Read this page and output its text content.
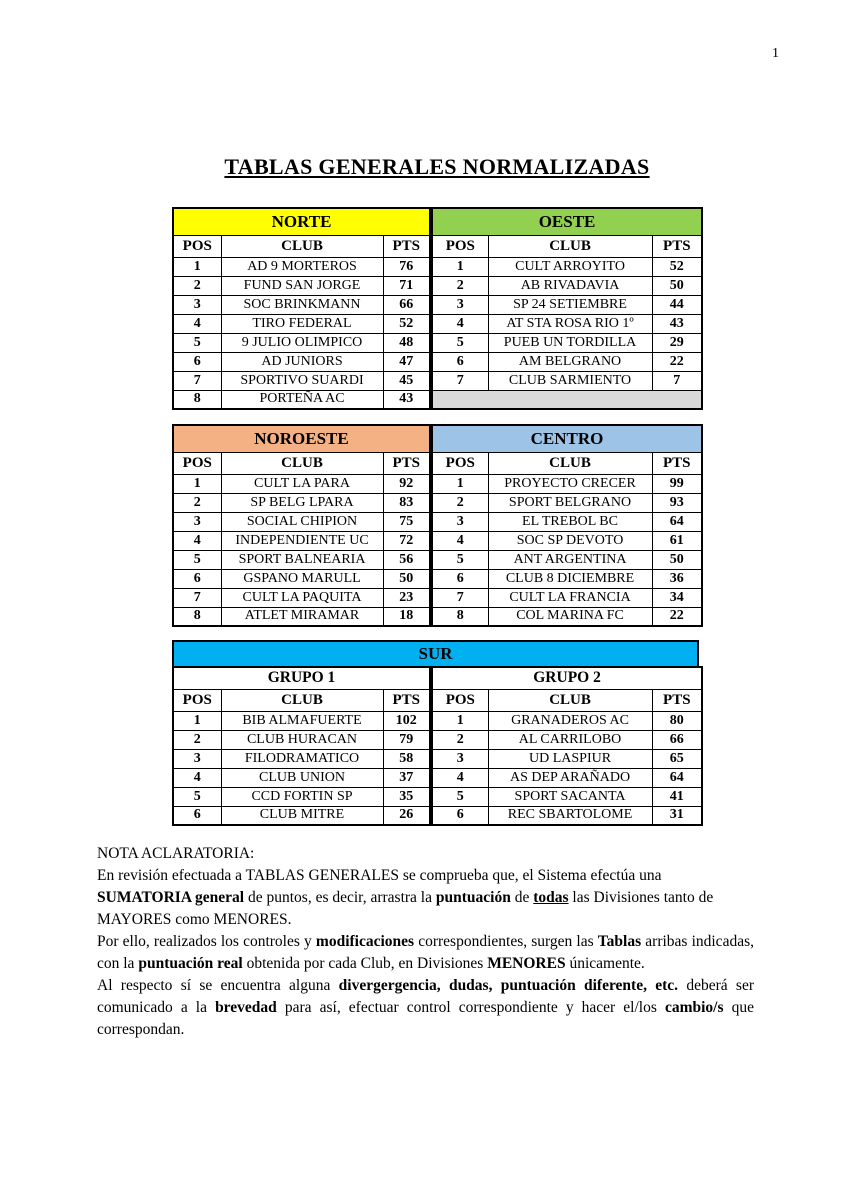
1
TABLAS GENERALES NORMALIZADAS
NORTE		
POS	CLUB	PTS
1	AD 9 MORTEROS	76
2	FUND SAN JORGE	71
3	SOC BRINKMANN	66
4	TIRO FEDERAL	52
5	9 JULIO OLIMPICO	48
6	AD JUNIORS	47
7	SPORTIVO SUARDI	45
8	PORTEÑA AC	43
OESTE		
POS	CLUB	PTS
1	CULT ARROYITO	52
2	AB RIVADAVIA	50
3	SP 24 SETIEMBRE	44
4	AT STA ROSA RIO 1º	43
5	PUEB UN TORDILLA	29
6	AM BELGRANO	22
7	CLUB SARMIENTO	7

NOROESTE		
POS	CLUB	PTS
1	CULT LA PARA	92
2	SP BELG LPARA	83
3	SOCIAL CHIPION	75
4	INDEPENDIENTE UC	72
5	SPORT BALNEARIA	56
6	GSPANO MARULL	50
7	CULT LA PAQUITA	23
8	ATLET MIRAMAR	18
CENTRO		
POS	CLUB	PTS
1	PROYECTO CRECER	99
2	SPORT BELGRANO	93
3	EL TREBOL BC	64
4	SOC SP DEVOTO	61
5	ANT ARGENTINA	50
6	CLUB 8 DICIEMBRE	36
7	CULT LA FRANCIA	34
8	COL MARINA FC	22
SUR
GRUPO 1		
POS	CLUB	PTS
1	BIB ALMAFUERTE	102
2	CLUB HURACAN	79
3	FILODRAMATICO	58
4	CLUB UNION	37
5	CCD FORTIN SP	35
6	CLUB MITRE	26
GRUPO 2		
POS	CLUB	PTS
1	GRANADEROS AC	80
2	AL CARRILOBO	66
3	UD LASPIUR	65
4	AS DEP ARAÑADO	64
5	SPORT SACANTA	41
6	REC SBARTOLOME	31

NOTA ACLARATORIA:

En revisión efectuada a TABLAS GENERALES se comprueba que, el Sistema efectúa una SUMATORIA general de puntos, es decir, arrastra la puntuación de todas las Divisiones tanto de MAYORES como MENORES.

Por ello, realizados los controles y modificaciones correspondientes, surgen las Tablas arribas indicadas, con la puntuación real obtenida por cada Club, en Divisiones MENORES únicamente.

Al respecto sí se encuentra alguna divergergencia, dudas, puntuación diferente, etc. deberá ser comunicado a la brevedad para así, efectuar control correspondiente y hacer el/los cambio/s que correspondan.
